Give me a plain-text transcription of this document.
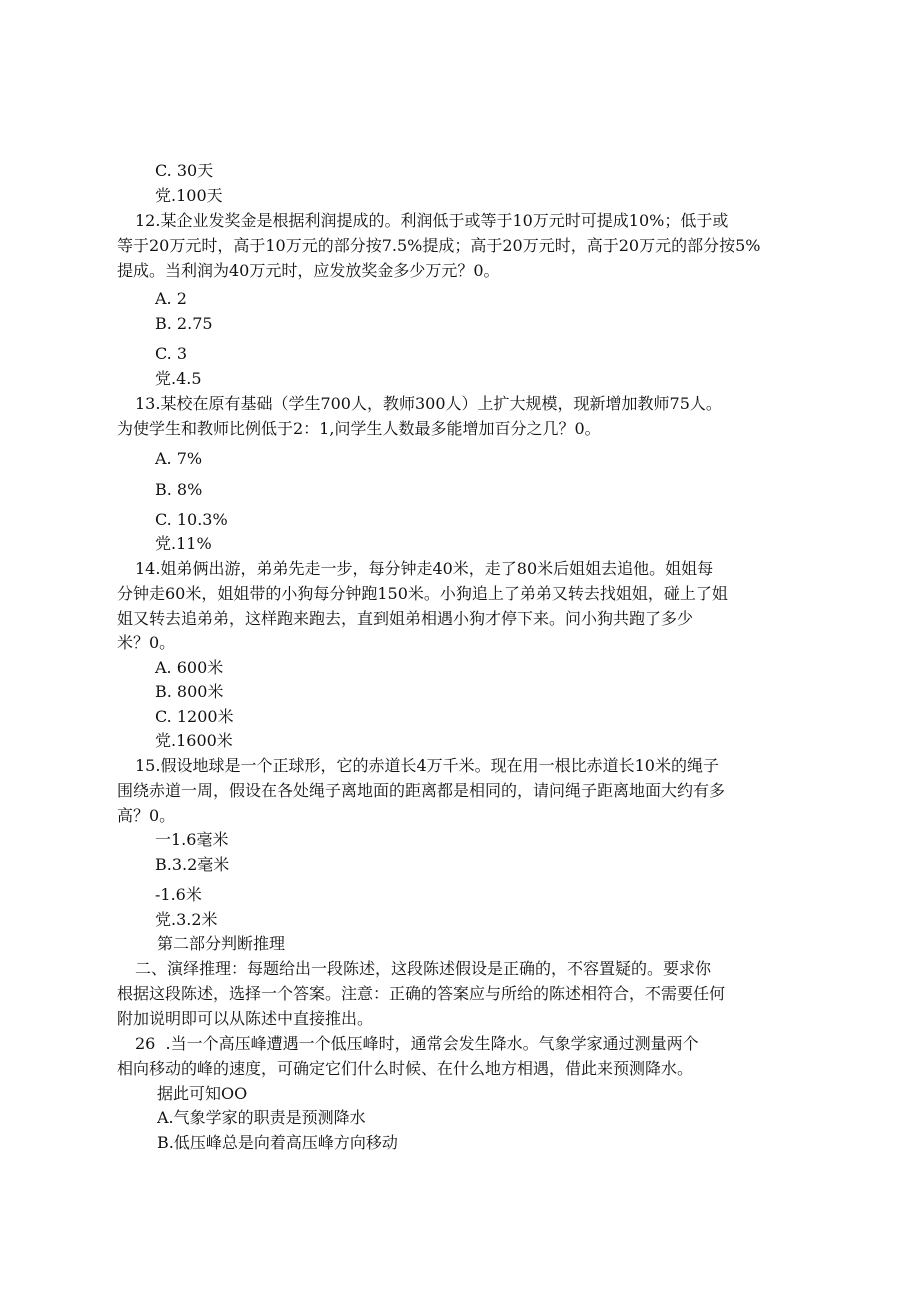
C. 30天
党.100天
12.某企业发奖金是根据利润提成的。利润低于或等于10万元时可提成10%；低于或
等于20万元时，高于10万元的部分按7.5%提成；高于20万元时，高于20万元的部分按5%
提成。当利润为40万元时，应发放奖金多少万元？0。
A. 2
B. 2.75
C. 3
党.4.5
13.某校在原有基础（学生700人，教师300人）上扩大规模，现新增加教师75人。
为使学生和教师比例低于2：1,问学生人数最多能增加百分之几？0。
A. 7%
B. 8%
C. 10.3%
党.11%
14.姐弟俩出游，弟弟先走一步，每分钟走40米，走了80米后姐姐去追他。姐姐每
分钟走60米，姐姐带的小狗每分钟跑150米。小狗追上了弟弟又转去找姐姐，碰上了姐
姐又转去追弟弟，这样跑来跑去，直到姐弟相遇小狗才停下来。问小狗共跑了多少
米？0。
A. 600米
B. 800米
C. 1200米
党.1600米
15.假设地球是一个正球形，它的赤道长4万千米。现在用一根比赤道长10米的绳子
围绕赤道一周，假设在各处绳子离地面的距离都是相同的，请问绳子距离地面大约有多
高？0。
一1.6毫米
B.3.2毫米
-1.6米
党.3.2米
第二部分判断推理
二、演绎推理：每题给出一段陈述，这段陈述假设是正确的，不容置疑的。要求你
根据这段陈述，选择一个答案。注意：正确的答案应与所给的陈述相符合，不需要任何
附加说明即可以从陈述中直接推出。
26  .当一个高压峰遭遇一个低压峰时，通常会发生降水。气象学家通过测量两个
相向移动的峰的速度，可确定它们什么时候、在什么地方相遇，借此来预测降水。
据此可知OO
A.气象学家的职责是预测降水
B.低压峰总是向着高压峰方向移动
